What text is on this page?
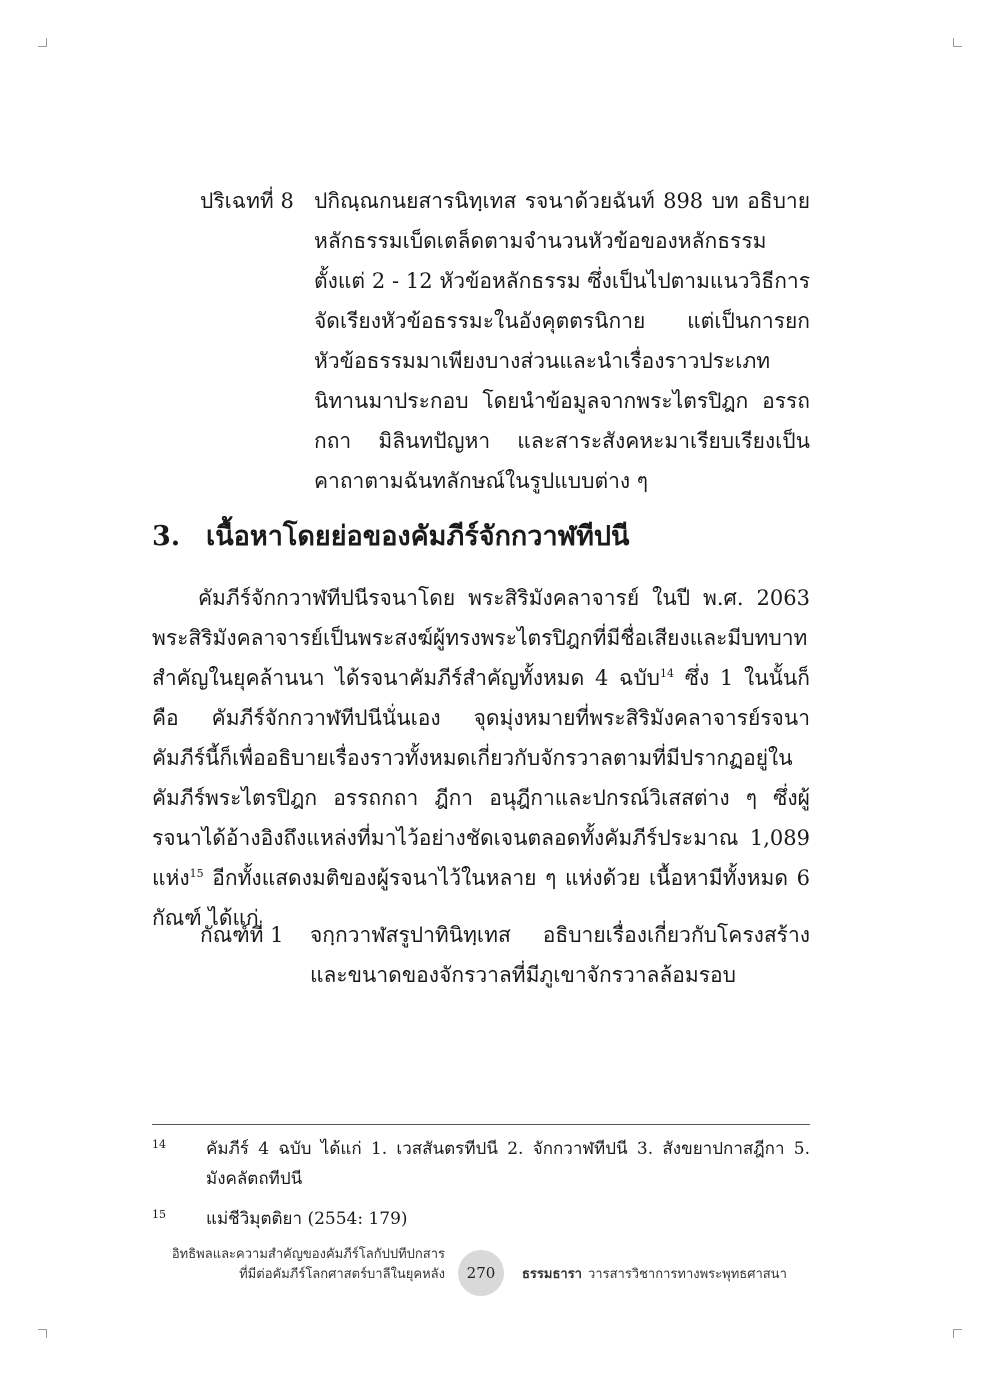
ปริเฉทที่ 8 ปกิณฺณกนยสารนิทฺเทส รจนาด้วยฉันท์ 898 บท อธิบายหลักธรรมเบ็ดเตล็ดตามจำนวนหัวข้อของหลักธรรมตั้งแต่ 2 - 12 หัวข้อหลักธรรม ซึ่งเป็นไปตามแนววิธีการจัดเรียงหัวข้อธรรมะในอังคุตตรนิกาย แต่เป็นการยกหัวข้อธรรมมาเพียงบางส่วนและนำเรื่องราวประเภทนิทานมาประกอบ โดยนำข้อมูลจากพระไตรปิฎก อรรถกถา มิลินทปัญหา และสาระสังคหะมาเรียบเรียงเป็นคาถาตามฉันทลักษณ์ในรูปแบบต่าง ๆ
3. เนื้อหาโดยย่อของคัมภีร์จักกวาฬทีปนี

คัมภีร์จักกวาฬทีปนีรจนาโดย พระสิริมังคลาจารย์ ในปี พ.ศ. 2063 พระสิริมังคลาจารย์เป็นพระสงฆ์ผู้ทรงพระไตรปิฎกที่มีชื่อเสียงและมีบทบาทสำคัญในยุคล้านนา ได้รจนาคัมภีร์สำคัญทั้งหมด 4 ฉบับ$^{14}$ ซึ่ง 1 ในนั้นก็คือ คัมภีร์จักกวาฬทีปนีนั่นเอง จุดมุ่งหมายที่พระสิริมังคลาจารย์รจนาคัมภีร์นี้ก็เพื่ออธิบายเรื่องราวทั้งหมดเกี่ยวกับจักรวาลตามที่มีปรากฏอยู่ในคัมภีร์พระไตรปิฎก อรรถกถา ฎีกา อนุฎีกาและปกรณ์วิเสสต่าง ๆ ซึ่งผู้รจนาได้อ้างอิงถึงแหล่งที่มาไว้อย่างชัดเจนตลอดทั้งคัมภีร์ประมาณ 1,089 แห่ง$^{15}$ อีกทั้งแสดงมติของผู้รจนาไว้ในหลาย ๆ แห่งด้วย เนื้อหามีทั้งหมด 6 กัณฑ์ ได้แก่

กัณฑ์ที่ 1 จกฺกวาฬสรูปาทินิทฺเทส อธิบายเรื่องเกี่ยวกับโครงสร้าง และขนาดของจักรวาลที่มีภูเขาจักรวาลล้อมรอบ
14 คัมภีร์ 4 ฉบับ ได้แก่ 1. เวสสันตรทีปนี 2. จักกวาฬทีปนี 3. สังขยาปกาสฎีกา 5. มังคลัตถทีปนี
15 แม่ชีวิมุตติยา (2554: 179)
อิทธิพลและความสำคัญของคัมภีร์โลกัปปทีปกสาร
ที่มีต่อคัมภีร์โลกศาสตร์บาลีในยุคหลัง	270	ธรรมธารา วารสารวิชาการทางพระพุทธศาสนา
